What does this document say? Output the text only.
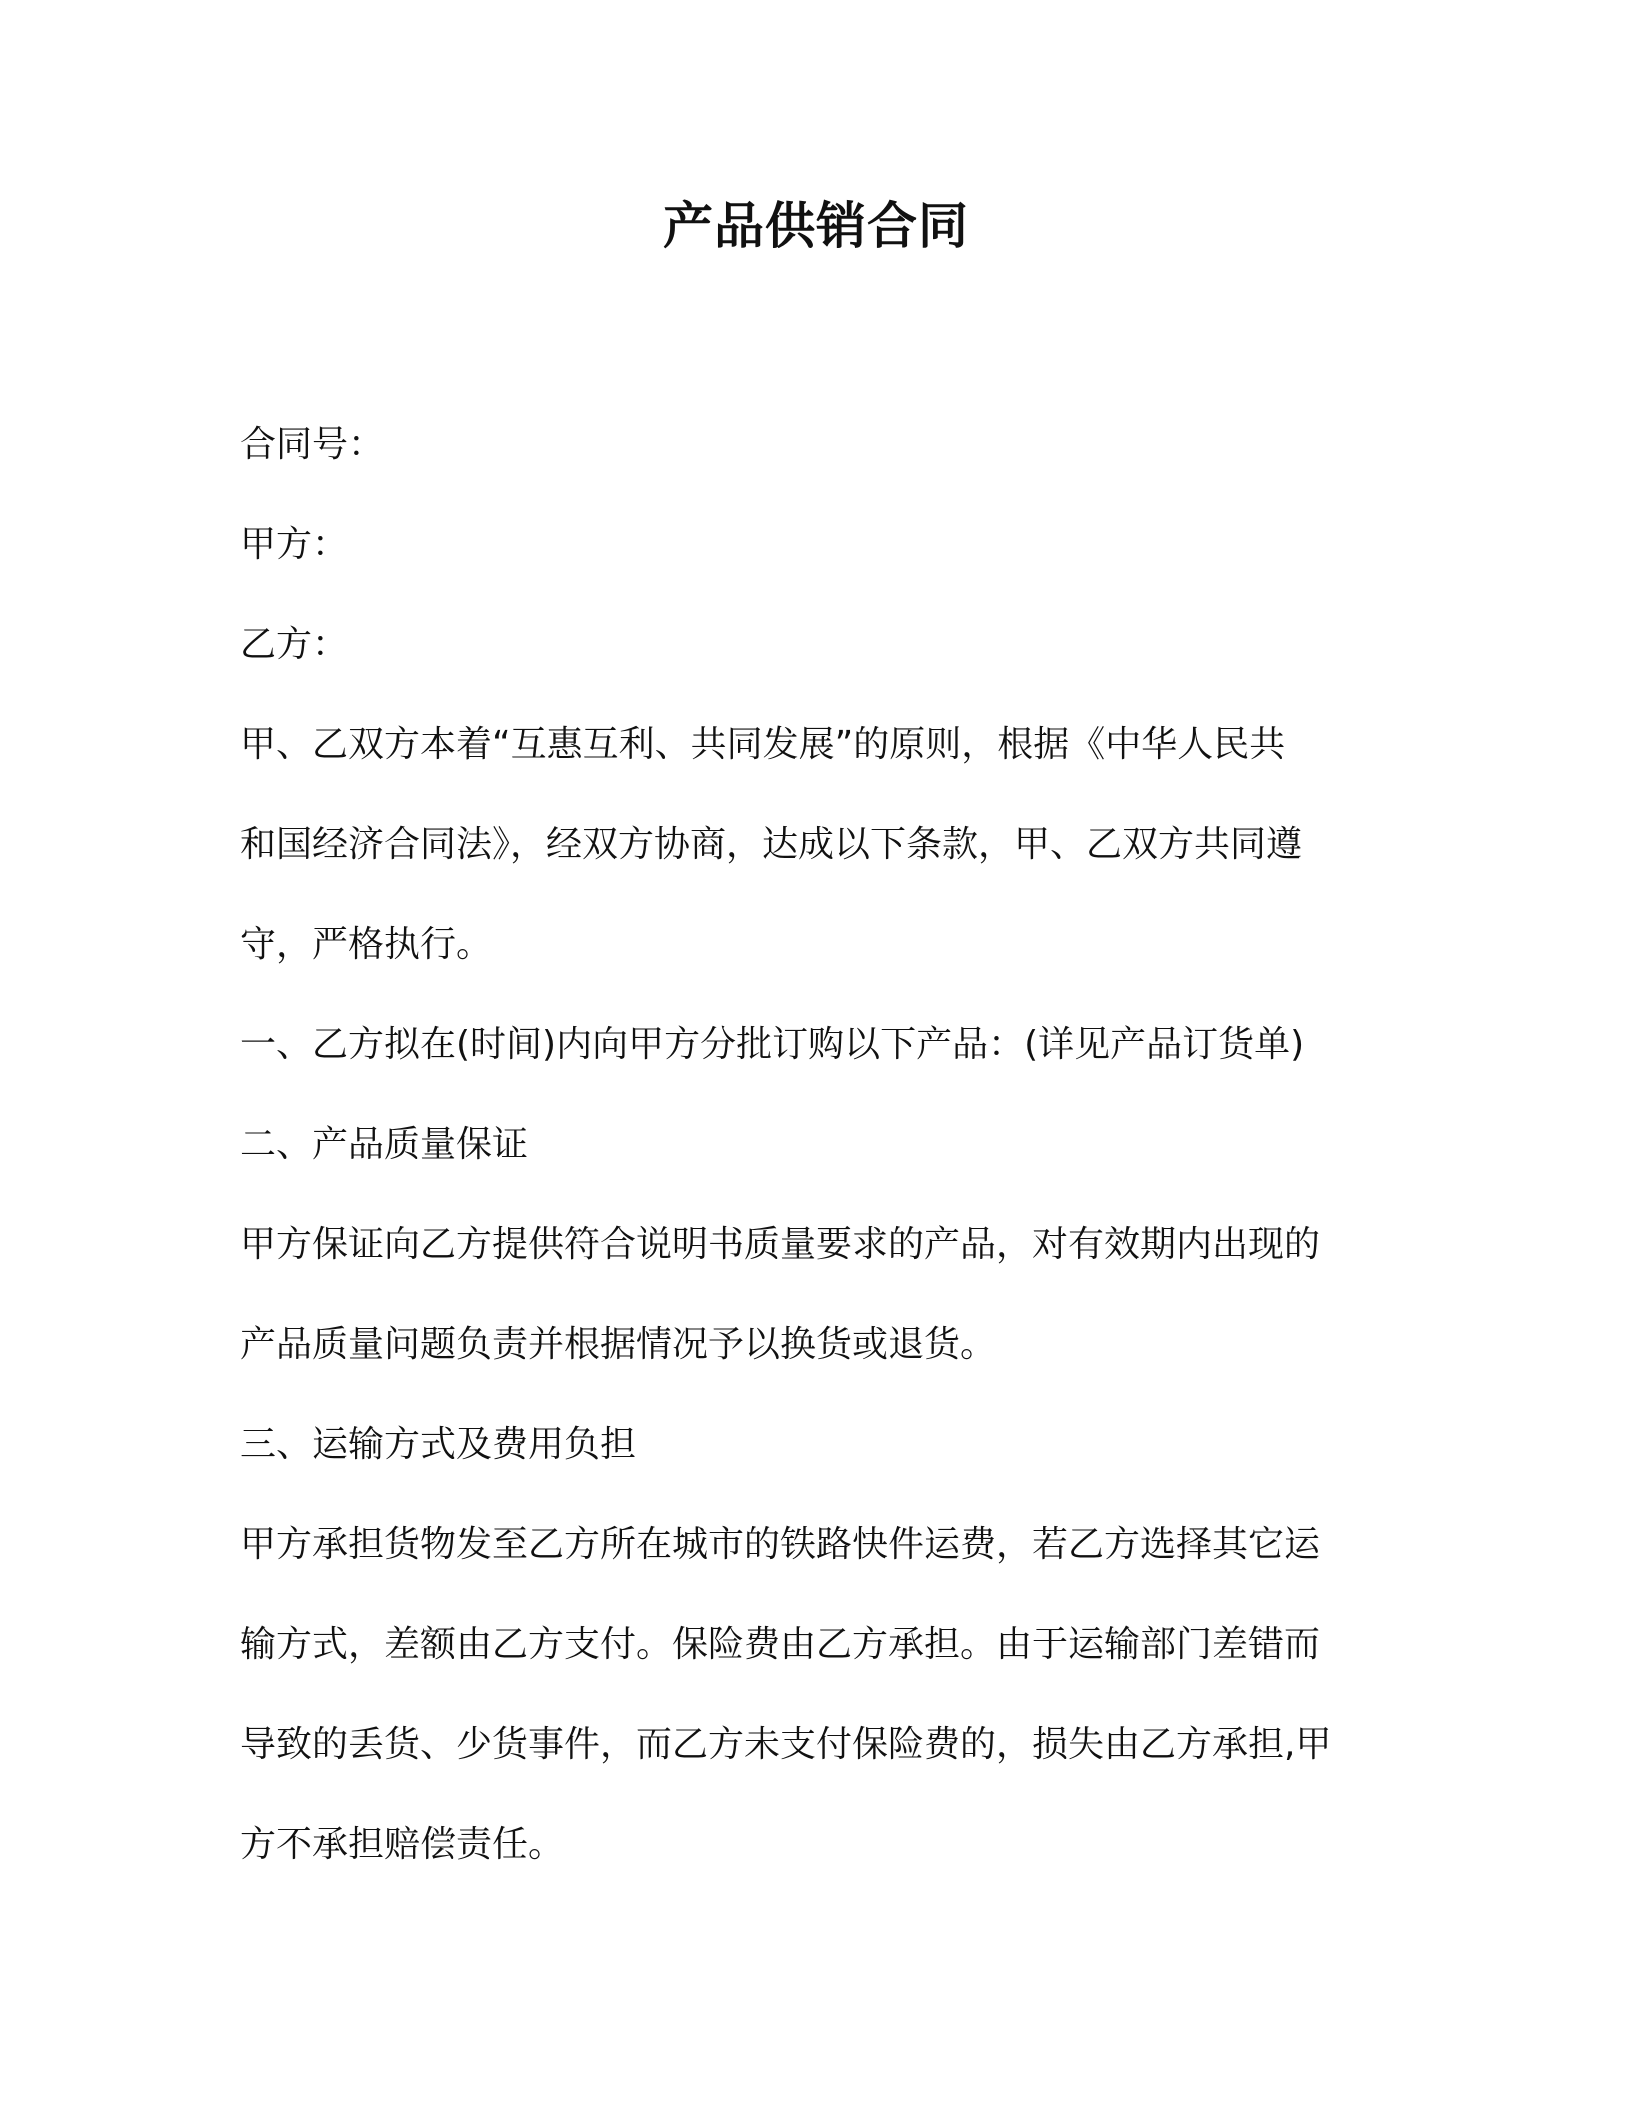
产品供销合同
合同号：
甲方：
乙方：
甲、乙双方本着“互惠互利、共同发展”的原则，根据《中华人民共
和国经济合同法》，经双方协商，达成以下条款，甲、乙双方共同遵
守，严格执行。
一、乙方拟在(时间)内向甲方分批订购以下产品：(详见产品订货单)
二、产品质量保证
甲方保证向乙方提供符合说明书质量要求的产品，对有效期内出现的
产品质量问题负责并根据情况予以换货或退货。
三、运输方式及费用负担
甲方承担货物发至乙方所在城市的铁路快件运费，若乙方选择其它运
输方式，差额由乙方支付。保险费由乙方承担。由于运输部门差错而
导致的丢货、少货事件，而乙方未支付保险费的，损失由乙方承担,甲
方不承担赔偿责任。
